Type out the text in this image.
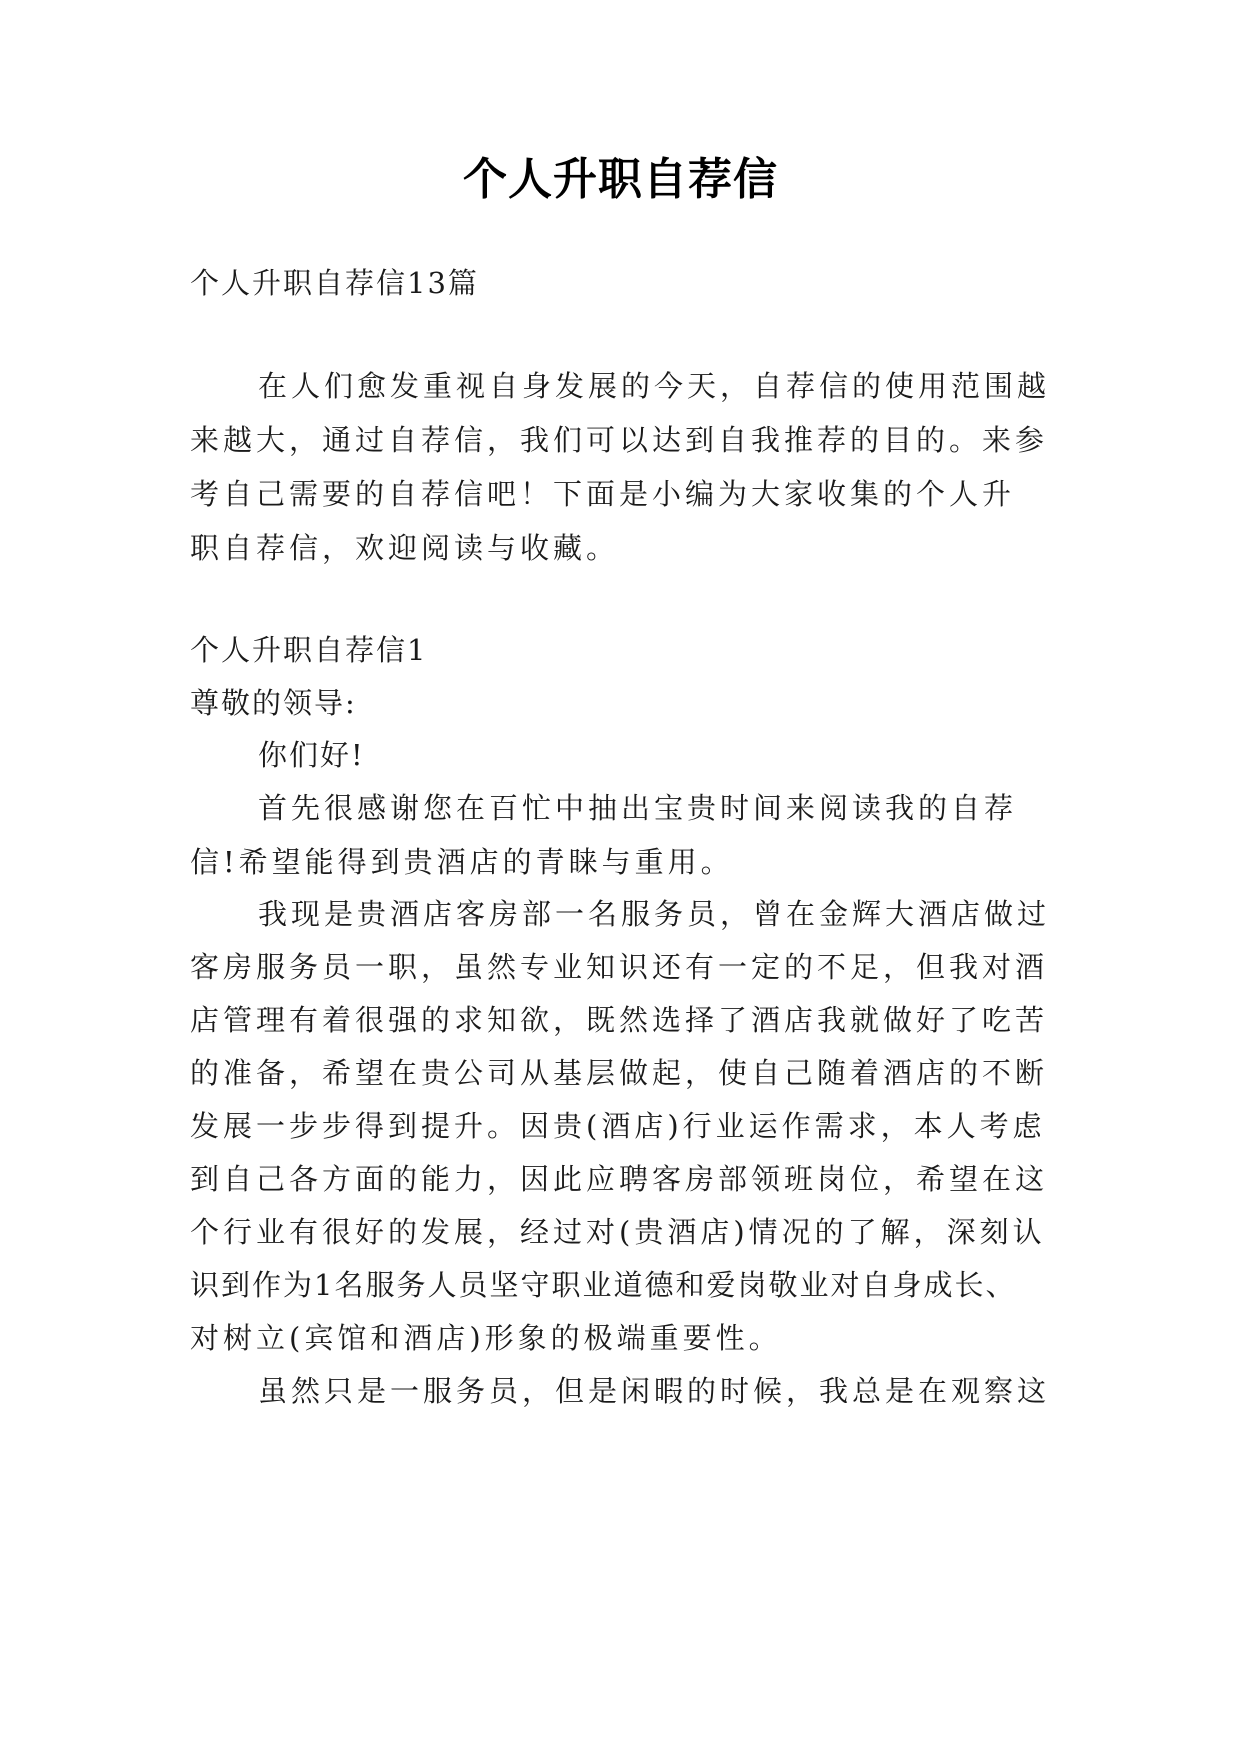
个人升职自荐信
个人升职自荐信13篇
在人们愈发重视自身发展的今天，自荐信的使用范围越
来越大，通过自荐信，我们可以达到自我推荐的目的。来参
考自己需要的自荐信吧！下面是小编为大家收集的个人升
职自荐信，欢迎阅读与收藏。
个人升职自荐信1
尊敬的领导:
你们好!
首先很感谢您在百忙中抽出宝贵时间来阅读我的自荐
信!希望能得到贵酒店的青睐与重用。
我现是贵酒店客房部一名服务员，曾在金辉大酒店做过
客房服务员一职，虽然专业知识还有一定的不足，但我对酒
店管理有着很强的求知欲，既然选择了酒店我就做好了吃苦
的准备，希望在贵公司从基层做起，使自己随着酒店的不断
发展一步步得到提升。因贵(酒店)行业运作需求，本人考虑
到自己各方面的能力，因此应聘客房部领班岗位，希望在这
个行业有很好的发展，经过对(贵酒店)情况的了解，深刻认
识到作为1名服务人员坚守职业道德和爱岗敬业对自身成长、
对树立(宾馆和酒店)形象的极端重要性。
虽然只是一服务员，但是闲暇的时候，我总是在观察这
